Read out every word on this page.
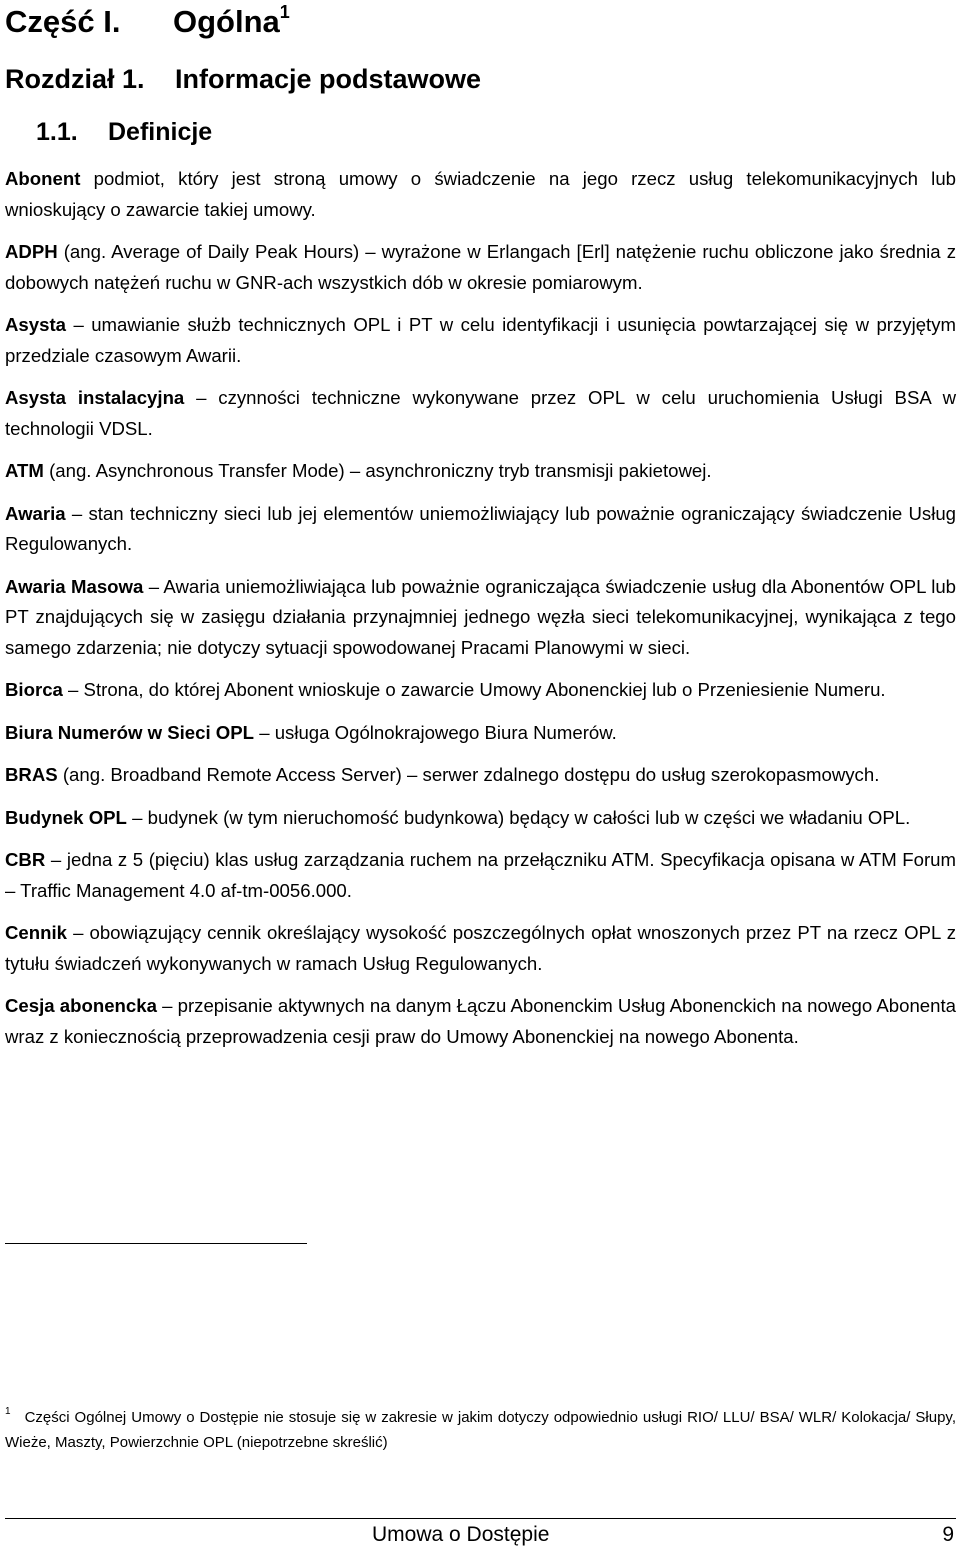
Część I. Ogólna$^1$
Rozdział 1. Informacje podstawowe
1.1. Definicje

Abonent podmiot, który jest stroną umowy o świadczenie na jego rzecz usług telekomunikacyjnych lub wnioskujący o zawarcie takiej umowy.

ADPH (ang. Average of Daily Peak Hours) – wyrażone w Erlangach [Erl] natężenie ruchu obliczone jako średnia z dobowych natężeń ruchu w GNR-ach wszystkich dób w okresie pomiarowym.

Asysta – umawianie służb technicznych OPL i PT w celu identyfikacji i usunięcia powtarzającej się w przyjętym przedziale czasowym Awarii.

Asysta instalacyjna – czynności techniczne wykonywane przez OPL w celu uruchomienia Usługi BSA w technologii VDSL.

ATM (ang. Asynchronous Transfer Mode) – asynchroniczny tryb transmisji pakietowej.

Awaria – stan techniczny sieci lub jej elementów uniemożliwiający lub poważnie ograniczający świadczenie Usług Regulowanych.

Awaria Masowa – Awaria uniemożliwiająca lub poważnie ograniczająca świadczenie usług dla Abonentów OPL lub PT znajdujących się w zasięgu działania przynajmniej jednego węzła sieci telekomunikacyjnej, wynikająca z tego samego zdarzenia; nie dotyczy sytuacji spowodowanej Pracami Planowymi w sieci.

Biorca – Strona, do której Abonent wnioskuje o zawarcie Umowy Abonenckiej lub o Przeniesienie Numeru.

Biura Numerów w Sieci OPL – usługa Ogólnokrajowego Biura Numerów.

BRAS (ang. Broadband Remote Access Server) – serwer zdalnego dostępu do usług szerokopasmowych.

Budynek OPL – budynek (w tym nieruchomość budynkowa) będący w całości lub w części we władaniu OPL.

CBR – jedna z 5 (pięciu) klas usług zarządzania ruchem na przełączniku ATM. Specyfikacja opisana w ATM Forum – Traffic Management 4.0 af-tm-0056.000.

Cennik – obowiązujący cennik określający wysokość poszczególnych opłat wnoszonych przez PT na rzecz OPL z tytułu świadczeń wykonywanych w ramach Usług Regulowanych.

Cesja abonencka – przepisanie aktywnych na danym Łączu Abonenckim Usług Abonenckich na nowego Abonenta wraz z koniecznością przeprowadzenia cesji praw do Umowy Abonenckiej na nowego Abonenta.

$^1$ Części Ogólnej Umowy o Dostępie nie stosuje się w zakresie w jakim dotyczy odpowiednio usługi RIO/ LLU/ BSA/ WLR/ Kolokacja/ Słupy, Wieże, Maszty, Powierzchnie OPL (niepotrzebne skreślić)
Umowa o Dostępie	9
